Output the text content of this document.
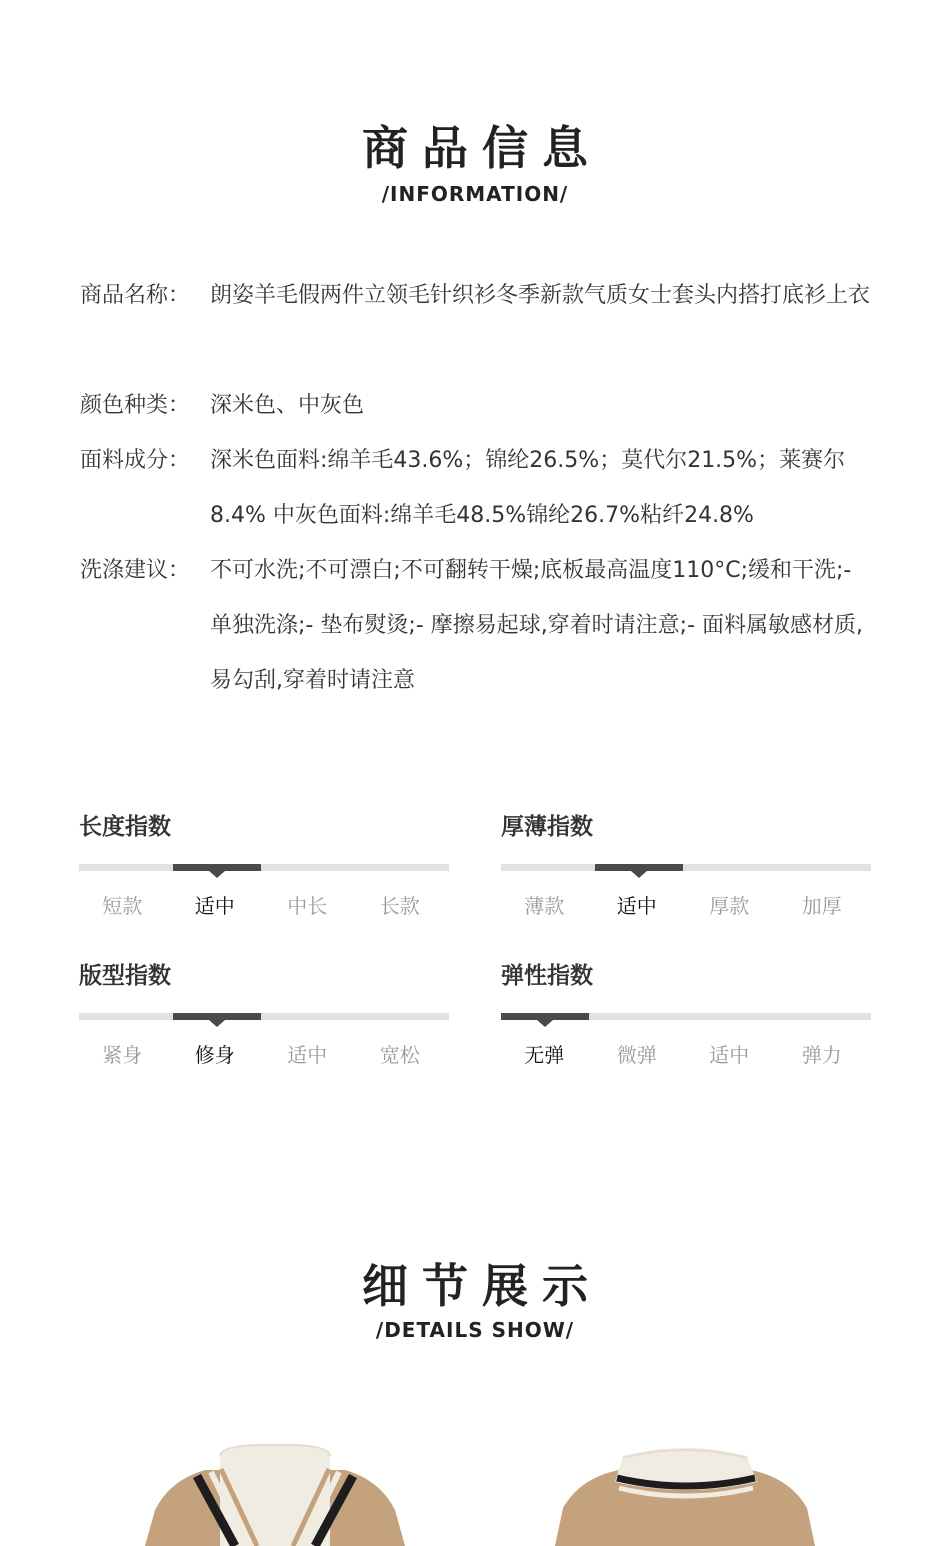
商品信息
/INFORMATION/
商品名称： 朗姿羊毛假两件立领毛针织衫冬季新款气质女士套头内搭打底衫上衣
颜色种类： 深米色、中灰色
面料成分： 深米色面料:绵羊毛43.6%；锦纶26.5%；莫代尔21.5%；莱赛尔8.4% 中灰色面料:绵羊毛48.5%锦纶26.7%粘纤24.8%
洗涤建议： 不可水洗;不可漂白;不可翻转干燥;底板最高温度110°C;缓和干洗;- 单独洗涤;- 垫布熨烫;- 摩擦易起球,穿着时请注意;- 面料属敏感材质,易勾刮,穿着时请注意
长度指数
短款	适中	中长	长款
厚薄指数
薄款	适中	厚款	加厚
版型指数
紧身	修身	适中	宽松
弹性指数
无弹	微弹	适中	弹力
细节展示
/DETAILS SHOW/
